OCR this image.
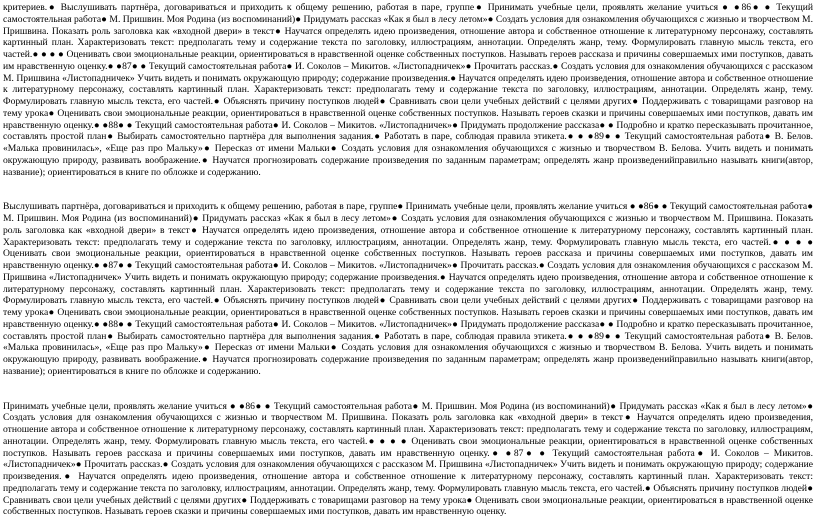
критериев.● Выслушивать партнёра, договариваться и приходить к общему решению, работая в паре, группе● Принимать учебные цели, проявлять желание учиться ● ●86● ● Текущий самостоятельная работа● М. Пришвин. Моя Родина (из воспоминаний)● Придумать рассказ «Как я был в лесу летом»● Создать условия для ознакомления обучающихся с жизнью и творчеством М. Пришвина. Показать роль заголовка как «входной двери» в текст● Научатся определять идею произведения, отношение автора и собственное отношение к литературному персонажу, составлять картинный план. Характеризовать текст: предполагать тему и содержание текста по заголовку, иллюстрациям, аннотации. Определять жанр, тему. Формулировать главную мысль текста, его частей.● ● ● ● Оценивать свои эмоциональные реакции, ориентироваться в нравственной оценке собственных поступков. Называть героев рассказа и причины совершаемых ими поступков, давать им нравственную оценку.● ●87● ● Текущий самостоятельная работа● И. Соколов – Микитов. «Листопадничек»● Прочитать рассказ.● Создать условия для ознакомления обучающихся с рассказом М. Пришвина «Листопадничек» Учить видеть и понимать окружающую природу; содержание произведения.● Научатся определять идею произведения, отношение автора и собственное отношение к литературному персонажу, составлять картинный план. Характеризовать текст: предполагать тему и содержание текста по заголовку, иллюстрациям, аннотации. Определять жанр, тему. Формулировать главную мысль текста, его частей.● Объяснять причину поступков людей● Сравнивать свои цели учебных действий с целями других● Поддерживать с товарищами разговор на тему урока● Оценивать свои эмоциональные реакции, ориентироваться в нравственной оценке собственных поступков. Называть героев сказки и причины совершаемых ими поступков, давать им нравственную оценку.● ●88● ● Текущий самостоятельная работа● И. Соколов – Микитов. «Листопадничек»● Придумать продолжение рассказа● ● Подробно и кратко пересказывать прочитанное, составлять простой план● Выбирать самостоятельно партнёра для выполнения задания.● Работать в паре, соблюдая правила этикета.● ● ●89● ● Текущий самостоятельная работа● В. Белов. «Малька провинилась», «Еще раз про Мальку»● Пересказ от имени Мальки● Создать условия для ознакомления обучающихся с жизнью и творчеством В. Белова. Учить видеть и понимать окружающую природу, развивать воображение.● Научатся прогнозировать содержание произведения по заданным параметрам; определять жанр произведенийправильно называть книги(автор, название); ориентироваться в книге по обложке и содержанию.

Выслушивать партнёра, договариваться и приходить к общему решению, работая в паре, группе● Принимать учебные цели, проявлять желание учиться ● ●86● ● Текущий самостоятельная работа● М. Пришвин. Моя Родина (из воспоминаний)● Придумать рассказ «Как я был в лесу летом»● Создать условия для ознакомления обучающихся с жизнью и творчеством М. Пришвина. Показать роль заголовка как «входной двери» в текст● Научатся определять идею произведения, отношение автора и собственное отношение к литературному персонажу, составлять картинный план. Характеризовать текст: предполагать тему и содержание текста по заголовку, иллюстрациям, аннотации. Определять жанр, тему. Формулировать главную мысль текста, его частей.● ● ● ● Оценивать свои эмоциональные реакции, ориентироваться в нравственной оценке собственных поступков. Называть героев рассказа и причины совершаемых ими поступков, давать им нравственную оценку.● ●87● ● Текущий самостоятельная работа● И. Соколов – Микитов. «Листопадничек»● Прочитать рассказ.● Создать условия для ознакомления обучающихся с рассказом М. Пришвина «Листопадничек» Учить видеть и понимать окружающую природу; содержание произведения.● Научатся определять идею произведения, отношение автора и собственное отношение к литературному персонажу, составлять картинный план. Характеризовать текст: предполагать тему и содержание текста по заголовку, иллюстрациям, аннотации. Определять жанр, тему. Формулировать главную мысль текста, его частей.● Объяснять причину поступков людей● Сравнивать свои цели учебных действий с целями других● Поддерживать с товарищами разговор на тему урока● Оценивать свои эмоциональные реакции, ориентироваться в нравственной оценке собственных поступков. Называть героев сказки и причины совершаемых ими поступков, давать им нравственную оценку.● ●88● ● Текущий самостоятельная работа● И. Соколов – Микитов. «Листопадничек»● Придумать продолжение рассказа● ● Подробно и кратко пересказывать прочитанное, составлять простой план● Выбирать самостоятельно партнёра для выполнения задания.● Работать в паре, соблюдая правила этикета.● ● ●89● ● Текущий самостоятельная работа● В. Белов. «Малька провинилась», «Еще раз про Мальку»● Пересказ от имени Мальки● Создать условия для ознакомления обучающихся с жизнью и творчеством В. Белова. Учить видеть и понимать окружающую природу, развивать воображение.● Научатся прогнозировать содержание произведения по заданным параметрам; определять жанр произведенийправильно называть книги(автор, название); ориентироваться в книге по обложке и содержанию.

Принимать учебные цели, проявлять желание учиться ● ●86● ● Текущий самостоятельная работа● М. Пришвин. Моя Родина (из воспоминаний)● Придумать рассказ «Как я был в лесу летом»● Создать условия для ознакомления обучающихся с жизнью и творчеством М. Пришвина. Показать роль заголовка как «входной двери» в текст● Научатся определять идею произведения, отношение автора и собственное отношение к литературному персонажу, составлять картинный план. Характеризовать текст: предполагать тему и содержание текста по заголовку, иллюстрациям, аннотации. Определять жанр, тему. Формулировать главную мысль текста, его частей.● ● ● ● Оценивать свои эмоциональные реакции, ориентироваться в нравственной оценке собственных поступков. Называть героев рассказа и причины совершаемых ими поступков, давать им нравственную оценку.● ●87● ● Текущий самостоятельная работа● И. Соколов – Микитов. «Листопадничек»● Прочитать рассказ.● Создать условия для ознакомления обучающихся с рассказом М. Пришвина «Листопадничек» Учить видеть и понимать окружающую природу; содержание произведения.● Научатся определять идею произведения, отношение автора и собственное отношение к литературному персонажу, составлять картинный план. Характеризовать текст: предполагать тему и содержание текста по заголовку, иллюстрациям, аннотации. Определять жанр, тему. Формулировать главную мысль текста, его частей.● Объяснять причину поступков людей● Сравнивать свои цели учебных действий с целями других● Поддерживать с товарищами разговор на тему урока● Оценивать свои эмоциональные реакции, ориентироваться в нравственной оценке собственных поступков. Называть героев сказки и причины совершаемых ими поступков, давать им нравственную оценку.
